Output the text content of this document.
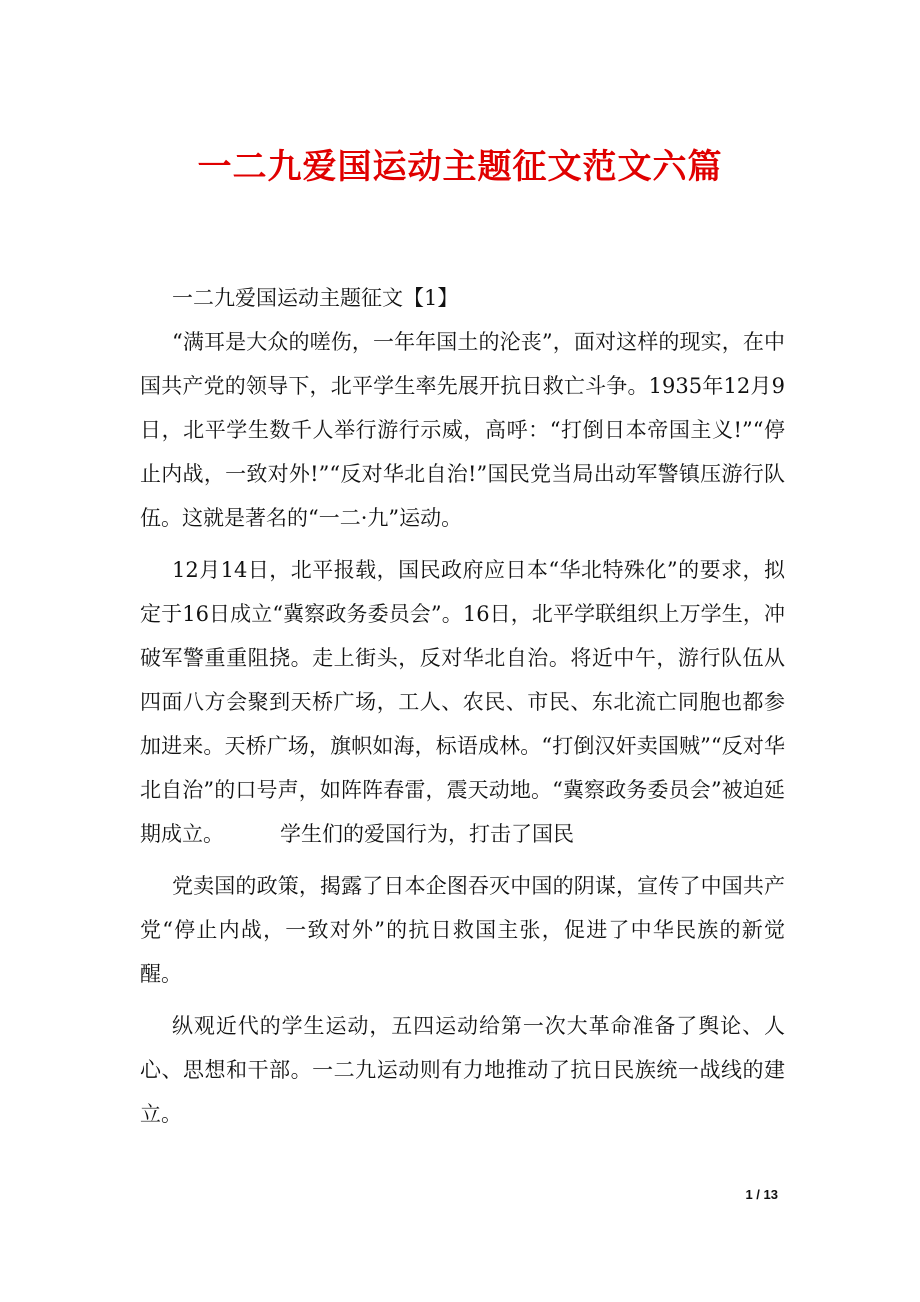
一二九爱国运动主题征文范文六篇

一二九爱国运动主题征文【1】

“满耳是大众的嗟伤，一年年国土的沦丧”，面对这样的现实，在中国共产党的领导下，北平学生率先展开抗日救亡斗争。1935年12月9日，北平学生数千人举行游行示威，高呼：“打倒日本帝国主义!”“停止内战，一致对外!”“反对华北自治!”国民党当局出动军警镇压游行队伍。这就是著名的“一二·九”运动。

12月14日，北平报载，国民政府应日本“华北特殊化”的要求，拟定于16日成立“冀察政务委员会”。16日，北平学联组织上万学生，冲破军警重重阻挠。走上街头，反对华北自治。将近中午，游行队伍从四面八方会聚到天桥广场，工人、农民、市民、东北流亡同胞也都参加进来。天桥广场，旗帜如海，标语成林。“打倒汉奸卖国贼”“反对华北自治”的口号声，如阵阵春雷，震天动地。“冀察政务委员会”被迫延期成立。	学生们的爱国行为，打击了国民

党卖国的政策，揭露了日本企图吞灭中国的阴谋，宣传了中国共产党“停止内战，一致对外”的抗日救国主张，促进了中华民族的新觉醒。

纵观近代的学生运动，五四运动给第一次大革命准备了舆论、人心、思想和干部。一二九运动则有力地推动了抗日民族统一战线的建立。

1 / 13
